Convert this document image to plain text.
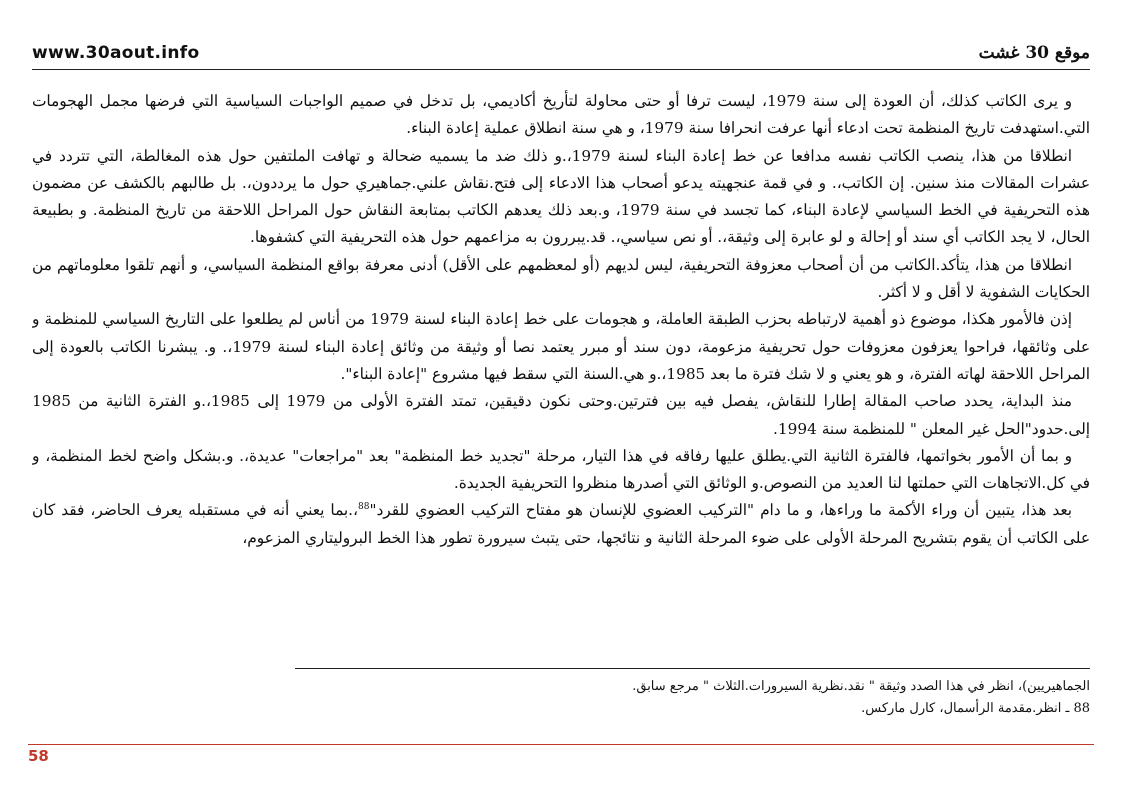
www.30aout.info	موقع 30 غشت

و يرى الكاتب كذلك، أن العودة إلى سنة 1979، ليست ترفا أو حتى محاولة لتأريخ أكاديمي، بل تدخل في صميم الواجبات السياسية التي فرضها مجمل الهجومات التي.استهدفت تاريخ المنظمة تحت ادعاء أنها عرفت انحرافا سنة 1979، و هي سنة انطلاق عملية إعادة البناء.

انطلاقا من هذا، ينصب الكاتب نفسه مدافعا عن خط إعادة البناء لسنة 1979،.و ذلك ضد ما يسميه ضحالة و تهافت الملتفين حول هذه المغالطة، التي تتردد في عشرات المقالات منذ سنين. إن الكاتب،. و في قمة عنجهيته يدعو أصحاب هذا الادعاء إلى فتح.نقاش علني.جماهيري حول ما يرددون،. بل طالبهم بالكشف عن مضمون هذه التحريفية في الخط السياسي لإعادة البناء، كما تجسد في سنة 1979، و.بعد ذلك يعدهم الكاتب بمتابعة النقاش حول المراحل اللاحقة من تاريخ المنظمة. و بطبيعة الحال، لا يجد الكاتب أي سند أو إحالة و لو عابرة إلى وثيقة،. أو نص سياسي،. قد.يبررون به مزاعمهم حول هذه التحريفية التي كشفوها.

انطلاقا من هذا، يتأكد.الكاتب من أن أصحاب معزوفة التحريفية، ليس لديهم (أو لمعظمهم على الأقل) أدنى معرفة بواقع المنظمة السياسي، و أنهم تلقوا معلوماتهم من الحكايات الشفوية لا أقل و لا أكثر.

إذن فالأمور هكذا، موضوع ذو أهمية لارتباطه بحزب الطبقة العاملة، و هجومات على خط إعادة البناء لسنة 1979 من أناس لم يطلعوا على التاريخ السياسي للمنظمة و على وثائقها، فراحوا يعزفون معزوفات حول تحريفية مزعومة، دون سند أو مبرر يعتمد نصا أو وثيقة من وثائق إعادة البناء لسنة 1979،. و. يبشرنا الكاتب بالعودة إلى المراحل اللاحقة لهاته الفترة، و هو يعني و لا شك فترة ما بعد 1985،.و هي.السنة التي سقط فيها مشروع "إعادة البناء".

منذ البداية، يحدد صاحب المقالة إطارا للنقاش، يفصل فيه بين فترتين.وحتى نكون دقيقين، تمتد الفترة الأولى من 1979 إلى 1985،.و الفترة الثانية من 1985 إلى.حدود"الحل غير المعلن " للمنظمة سنة 1994.

و بما أن الأمور بخواتمها، فالفترة الثانية التي.يطلق عليها رفاقه في هذا التيار، مرحلة "تجديد خط المنظمة" بعد "مراجعات" عديدة،. و.بشكل واضح لخط المنظمة، و في كل.الاتجاهات التي حملتها لنا العديد من النصوص.و الوثائق التي أصدرها منظروا التحريفية الجديدة.

بعد هذا، يتبين أن وراء الأكمة ما وراءها، و ما دام "التركيب العضوي للإنسان هو مفتاح التركيب العضوي للقرد"$^{88}$،.بما يعني أنه في مستقبله يعرف الحاضر، فقد كان على الكاتب أن يقوم بتشريح المرحلة الأولى على ضوء المرحلة الثانية و نتائجها، حتى يتبث سيرورة تطور هذا الخط البروليتاري المزعوم،

الجماهيريين)، انظر في هذا الصدد وثيقة " نقد.نظرية السيرورات.الثلاث " مرجع سابق.
88 ـ انظر.مقدمة الرأسمال، كارل ماركس.
58
